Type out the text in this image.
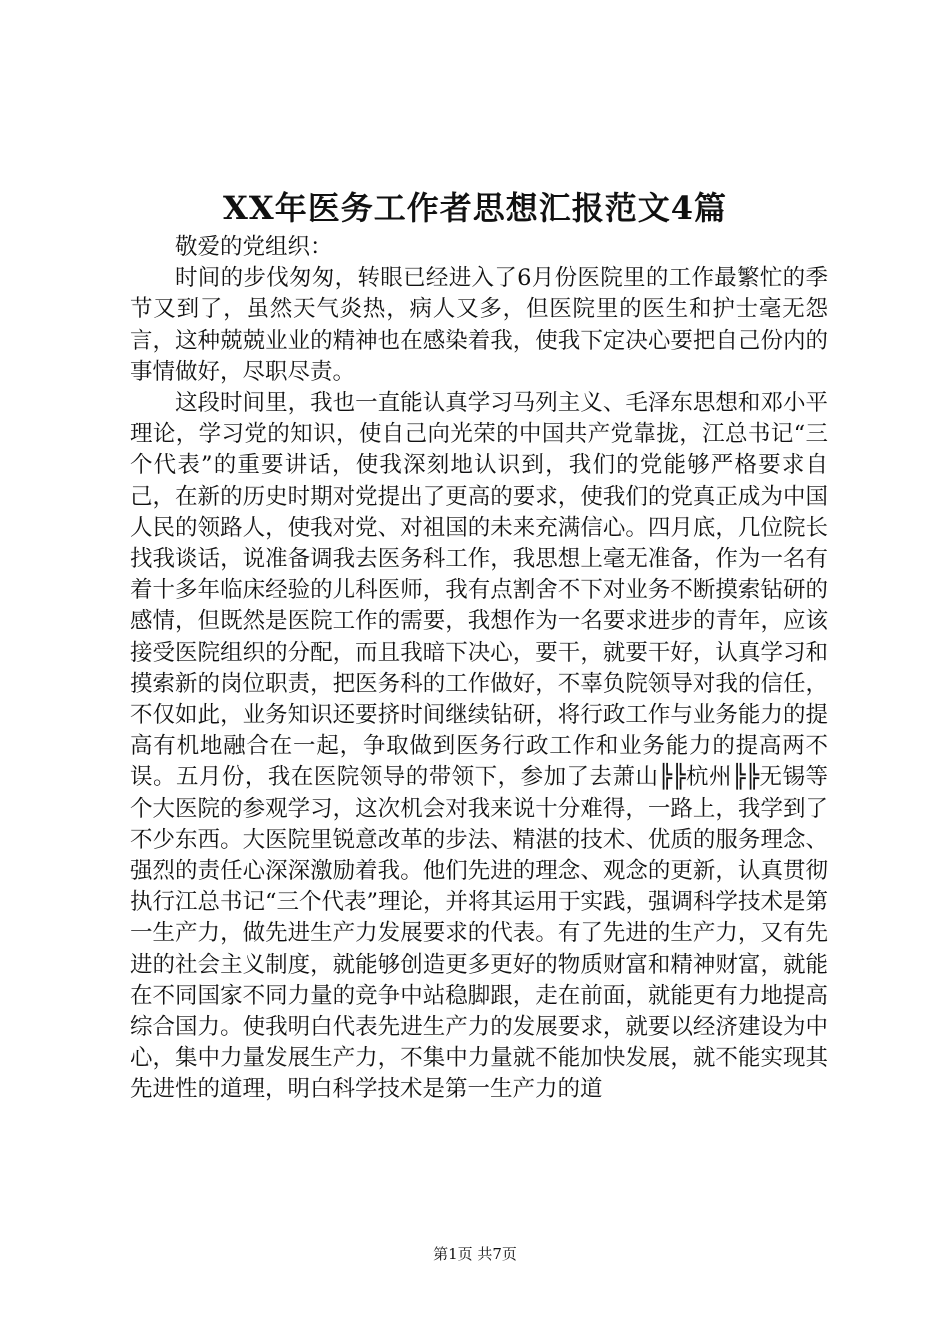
XX年医务工作者思想汇报范文4篇

敬爱的党组织：

时间的步伐匆匆，转眼已经进入了6月份医院里的工作最繁忙的季节又到了，虽然天气炎热，病人又多，但医院里的医生和护士毫无怨言，这种兢兢业业的精神也在感染着我，使我下定决心要把自己份内的事情做好，尽职尽责。

这段时间里，我也一直能认真学习马列主义、毛泽东思想和邓小平理论，学习党的知识，使自己向光荣的中国共产党靠拢，江总书记“三个代表”的重要讲话，使我深刻地认识到，我们的党能够严格要求自己，在新的历史时期对党提出了更高的要求，使我们的党真正成为中国人民的领路人，使我对党、对祖国的未来充满信心。四月底，几位院长找我谈话，说准备调我去医务科工作，我思想上毫无准备，作为一名有着十多年临床经验的儿科医师，我有点割舍不下对业务不断摸索钻研的感情，但既然是医院工作的需要，我想作为一名要求进步的青年，应该接受医院组织的分配，而且我暗下决心，要干，就要干好，认真学习和摸索新的岗位职责，把医务科的工作做好，不辜负院领导对我的信任，不仅如此，业务知识还要挤时间继续钻研，将行政工作与业务能力的提高有机地融合在一起，争取做到医务行政工作和业务能力的提高两不误。五月份，我在医院领导的带领下，参加了去萧山╠╠杭州╠╠无锡等个大医院的参观学习，这次机会对我来说十分难得，一路上，我学到了不少东西。大医院里锐意改革的步法、精湛的技术、优质的服务理念、强烈的责任心深深激励着我。他们先进的理念、观念的更新，认真贯彻执行江总书记“三个代表”理论，并将其运用于实践，强调科学技术是第一生产力，做先进生产力发展要求的代表。有了先进的生产力，又有先进的社会主义制度，就能够创造更多更好的物质财富和精神财富，就能在不同国家不同力量的竞争中站稳脚跟，走在前面，就能更有力地提高综合国力。使我明白代表先进生产力的发展要求，就要以经济建设为中心，集中力量发展生产力，不集中力量就不能加快发展，就不能实现其先进性的道理，明白科学技术是第一生产力的道

第1页 共7页
